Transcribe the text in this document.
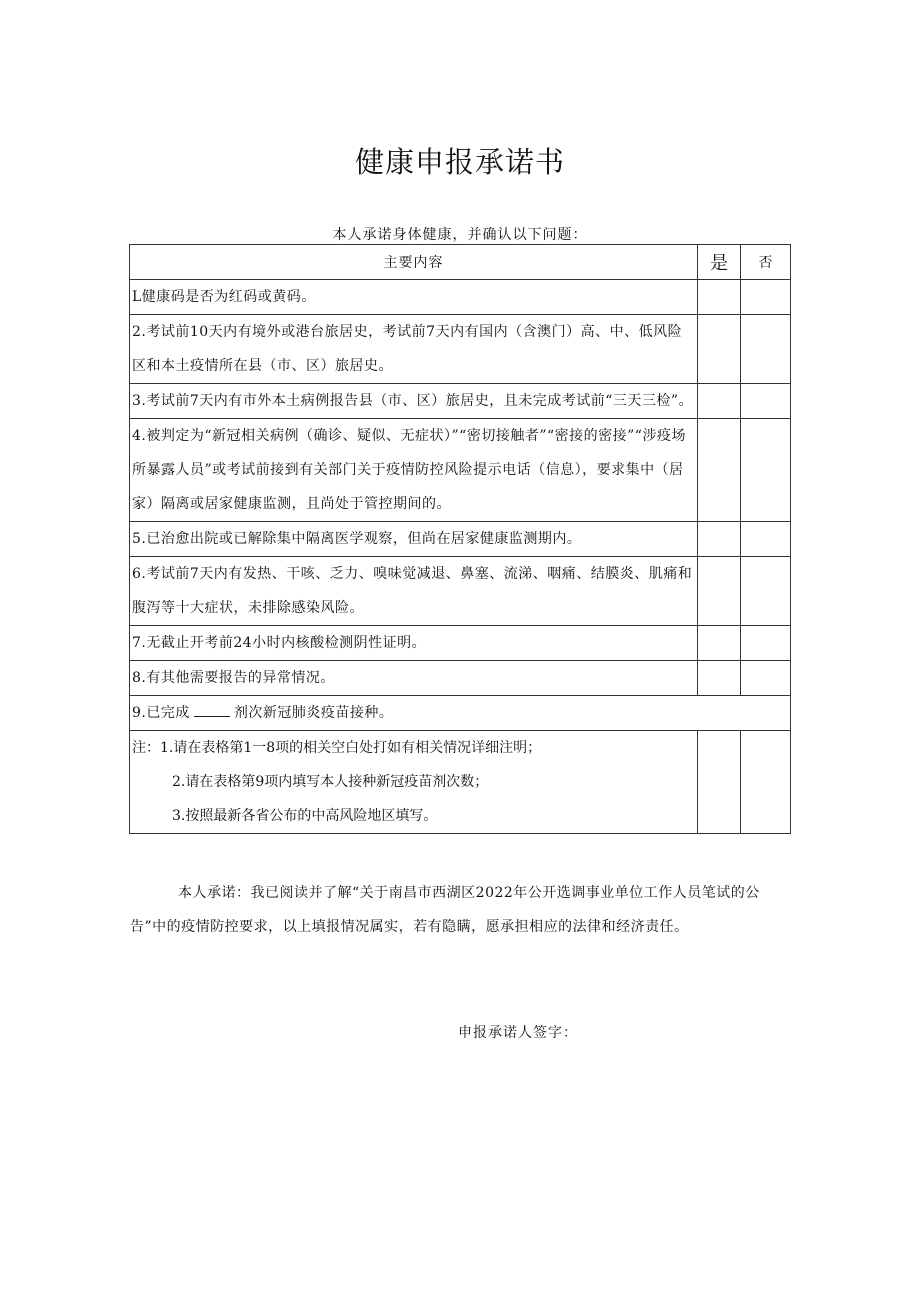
健康申报承诺书
本人承诺身体健康，并确认以下问题：
主要内容	是	否
L健康码是否为红码或黄码。		
2.考试前10天内有境外或港台旅居史，考试前7天内有国内（含澳门）高、中、低风险区和本土疫情所在县（市、区）旅居史。		
3.考试前7天内有市外本土病例报告县（市、区）旅居史，且未完成考试前“三天三检”。		
4.被判定为“新冠相关病例（确诊、疑似、无症状）”“密切接触者”“密接的密接”“涉疫场所暴露人员”或考试前接到有关部门关于疫情防控风险提示电话（信息），要求集中（居家）隔离或居家健康监测，且尚处于管控期间的。		
5.已治愈出院或已解除集中隔离医学观察，但尚在居家健康监测期内。		
6.考试前7天内有发热、干咳、乏力、嗅味觉减退、鼻塞、流涕、咽痛、结膜炎、肌痛和腹泻等十大症状，未排除感染风险。		
7.无截止开考前24小时内核酸检测阴性证明。		
8.有其他需要报告的异常情况。		
9.已完成 剂次新冠肺炎疫苗接种。		

注：1.请在表格第1一8项的相关空白处打如有相关情况详细注明；
2.请在表格第9项内填写本人接种新冠疫苗剂次数；
3.按照最新各省公布的中高风险地区填写。		

本人承诺：我已阅读并了解“关于南昌市西湖区2022年公开选调事业单位工作人员笔试的公告”中的疫情防控要求，以上填报情况属实，若有隐瞒，愿承担相应的法律和经济责任。
申报承诺人签字：
